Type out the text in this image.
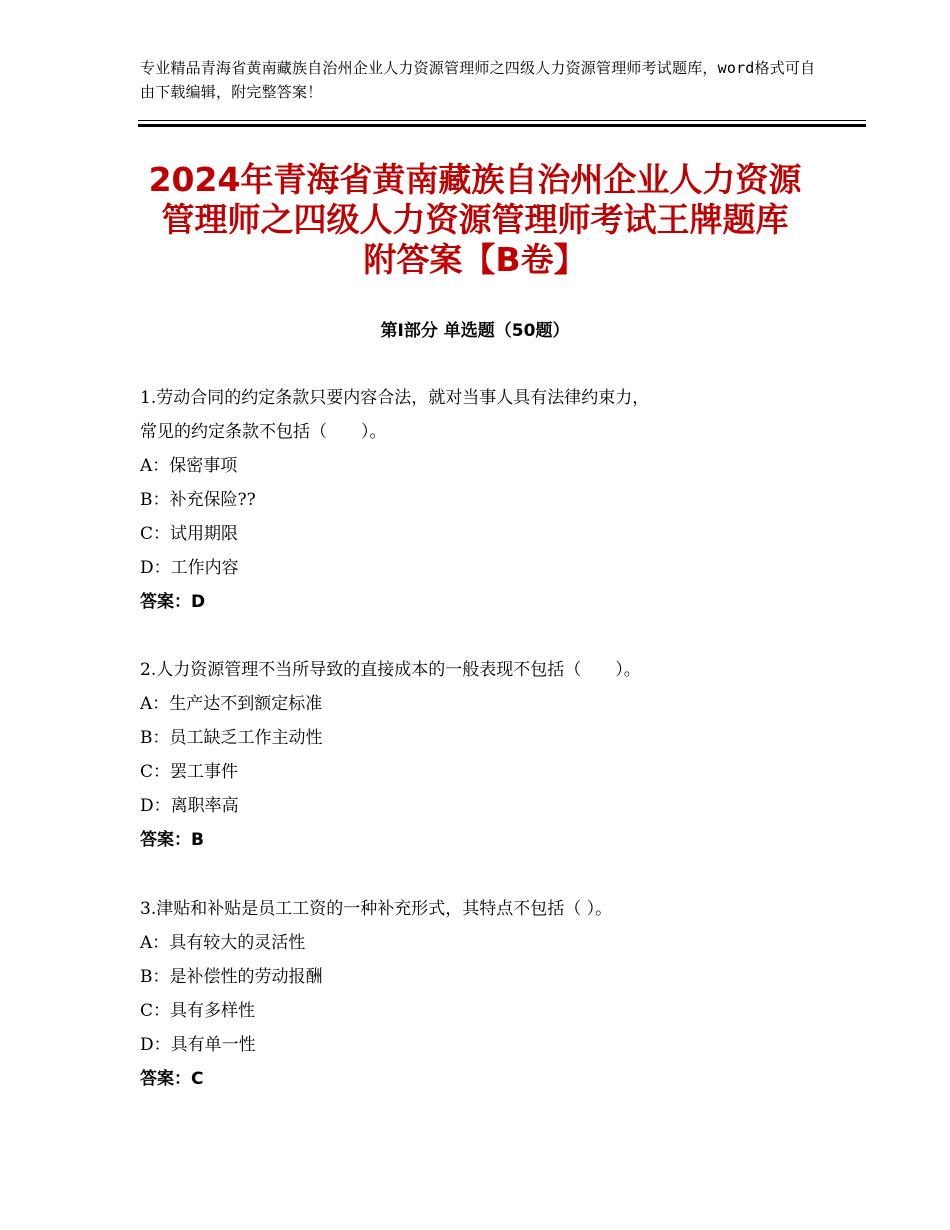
专业精品青海省黄南藏族自治州企业人力资源管理师之四级人力资源管理师考试题库，word格式可自由下载编辑，附完整答案！
2024年青海省黄南藏族自治州企业人力资源
管理师之四级人力资源管理师考试王牌题库
附答案【B卷】
第Ⅰ部分 单选题（50题）
1.劳动合同的约定条款只要内容合法，就对当事人具有法律约束力，
常见的约定条款不包括（　　）。
A：保密事项
B：补充保险??
C：试用期限
D：工作内容
答案：D
2.人力资源管理不当所导致的直接成本的一般表现不包括（　　）。
A：生产达不到额定标准
B：员工缺乏工作主动性
C：罢工事件
D：离职率高
答案：B
3.津贴和补贴是员工工资的一种补充形式，其特点不包括（ ）。
A：具有较大的灵活性
B：是补偿性的劳动报酬
C：具有多样性
D：具有单一性
答案：C
